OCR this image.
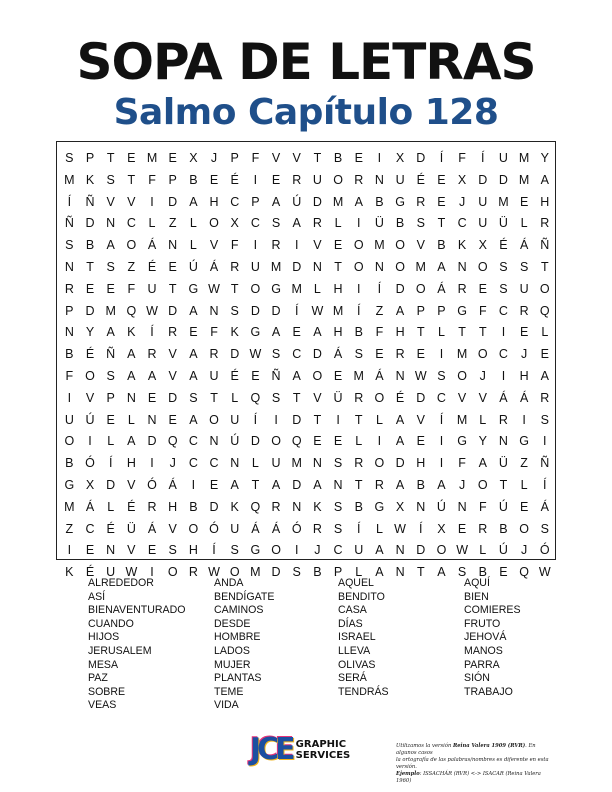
SOPA DE LETRAS
Salmo Capítulo 128
S P	T	E M E X	J	P	F	V V	T	B E	I	X D	Í	F	Í	U M Y
M K S	T	F	P B E É	I	E R U O R N U É E X D D M A
Í	Ñ V V	I	D A H C P A Ú D M A B G R E	J	U M E H
Ñ D N C	L	Z	L O X C S A R	L	I	Ü B S	T C U Ü	L	R
S B A O Á N	L	V	F	I	R	I	V E O M O V B K X É Á Ñ
N T	S	Z	É E Ú Á R U M D N T O N O M A N O S S	T
R E E	F U T G W T O G M L	H	I	Í	D O Á R E S U O
P D M Q W D A N S D D	Í	W M	Í	Z	A P P G F C R Q
N Y A K	Í	R E	F	K G A E A H B	F H T	L	T	T	I	E	L
B É Ñ A R V A R D W S C D Á S E R E	I	M O C	J	E
F O S A A V A U É E Ñ A O E M Á N W S O	J	I	H A
I	V P N E D S	T	L Q S	T	V Ü R O É D C V V Á Á R
U Ú E	L	N E A O U	Í	I	D T	I	T	L	A V	Í	M L	R	I	S
O	I	L	A D Q C N Ú D O Q E E	L	I	A E	I	G Y N G	I
B Ó	Í	H	I	J	C C N	L	U M N S R O D H	I	F	A Ü Z Ñ
G X D V Ó Á	I	E A	T	A D A N T R A B A	J	O T	L	Í
M Á	L	É R H B D K Q R N K S B G X N Ú N F Ú E Á
Z C É Ü Á V O Ó U Á Á Ó R S	Í	L W	Í	X E R B O S
I	E N V E S H	Í	S G O	I	J	C U A N D O W L	Ú	J	Ó
K É U W	I	O R W O M D S B P	L	A N T	A S B E Q W
ALREDEDOR
ASÍ
BIENAVENTURADO
CUANDO
HIJOS
JERUSALEM
MESA
PAZ
SOBRE
VEAS
ANDA
BENDÍGATE
CAMINOS
DESDE
HOMBRE
LADOS
MUJER
PLANTAS
TEME
VIDA
AQUEL
BENDITO
CASA
DÍAS
ISRAEL
LLEVA
OLIVAS
SERÁ
TENDRÁS
AQUÍ
BIEN
COMIERES
FRUTO
JEHOVÁ
MANOS
PARRA
SIÓN
TRABAJO
JCE GRAPHIC
SERVICES
Utilizamos la versión Reina Valera 1909 (RVR). En algunos casos
la ortografía de las palabras/nombres es diferente en esta versión.
Ejemplo: ISSACHÁR (RVR) <-> ISACAR (Reina Valera 1960)
